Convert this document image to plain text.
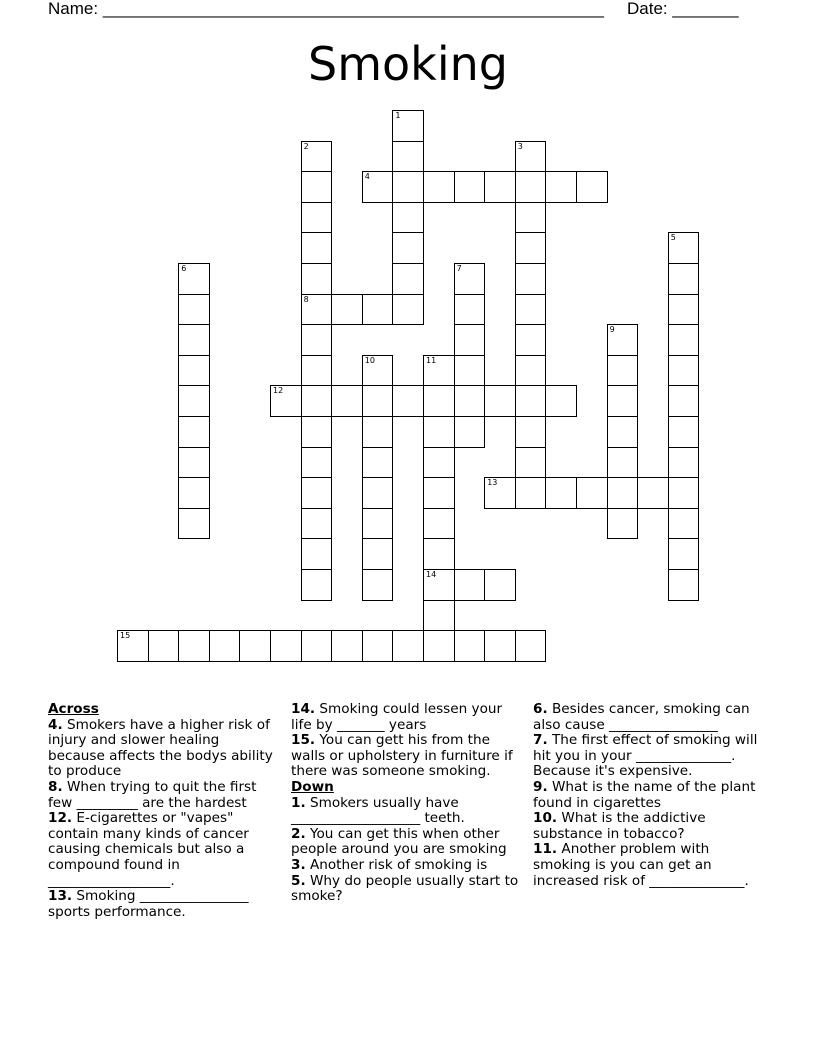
Name: _____________________________________________________ Date: _______
Smoking
1
2
8
3
4
5
6	7
9
10	11
14
12
13
15
Across
4. Smokers have a higher risk of injury and slower healing because affects the bodys ability to produce
8. When trying to quit the first few _________ are the hardest
12. E-cigarettes or "vapes" contain many kinds of cancer causing chemicals but also a compound found in __________________.
13. Smoking ________________ sports performance.
14. Smoking could lessen your life by _______ years
15. You can gett his from the walls or upholstery in furniture if there was someone smoking.
Down
1. Smokers usually have ___________________ teeth.
2. You can get this when other people around you are smoking
3. Another risk of smoking is
5. Why do people usually start to smoke?
6. Besides cancer, smoking can also cause ________________
7. The first effect of smoking will hit you in your ______________. Because it's expensive.
9. What is the name of the plant found in cigarettes
10. What is the addictive substance in tobacco?
11. Another problem with smoking is you can get an increased risk of ______________.
